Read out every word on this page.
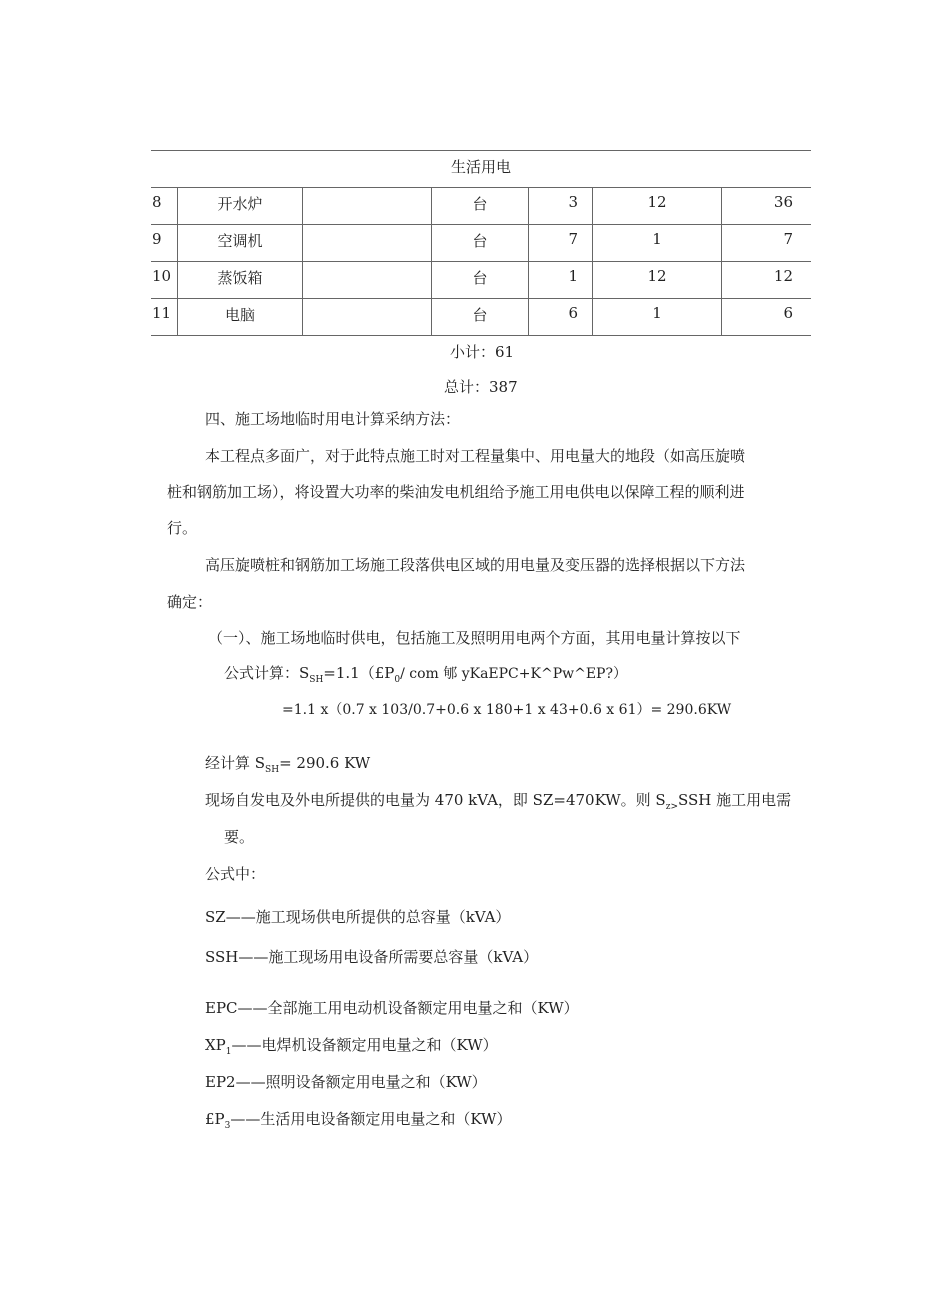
生活用电						
8	开水炉		台	3	12	36
9	空调机		台	7	1	7
10	蒸饭箱		台	1	12	12
11	电脑		台	6	1	6
小计：61
总计：387
四、施工场地临时用电计算采纳方法：
本工程点多面广，对于此特点施工时对工程量集中、用电量大的地段（如高压旋喷
桩和钢筋加工场），将设置大功率的柴油发电机组给予施工用电供电以保障工程的顺利进
行。
高压旋喷桩和钢筋加工场施工段落供电区域的用电量及变压器的选择根据以下方法
确定：
（一）、施工场地临时供电，包括施工及照明用电两个方面，其用电量计算按以下
公式计算：$S_{SH}=1.1(£P_0/$ com 郇 yKaEPC+K^Pw^EP?）
=1.1 x（0.7 x 103/0.7+0.6 x 180+1 x 43+0.6 x 61）= 290.6KW
经计算 $S_{SH}= 290.6$ KW
现场自发电及外电所提供的电量为 470 kVA，即 SZ=470KW。则 $S_{z>}SSH$ 施工用电需
要。
公式中：
SZ——施工现场供电所提供的总容量（kVA）
SSH——施工现场用电设备所需要总容量（kVA）
EPC——全部施工用电动机设备额定用电量之和（KW）
$XP_1——$电焊机设备额定用电量之和（KW）
EP2——照明设备额定用电量之和（KW）
$£P_3——$生活用电设备额定用电量之和（KW）
